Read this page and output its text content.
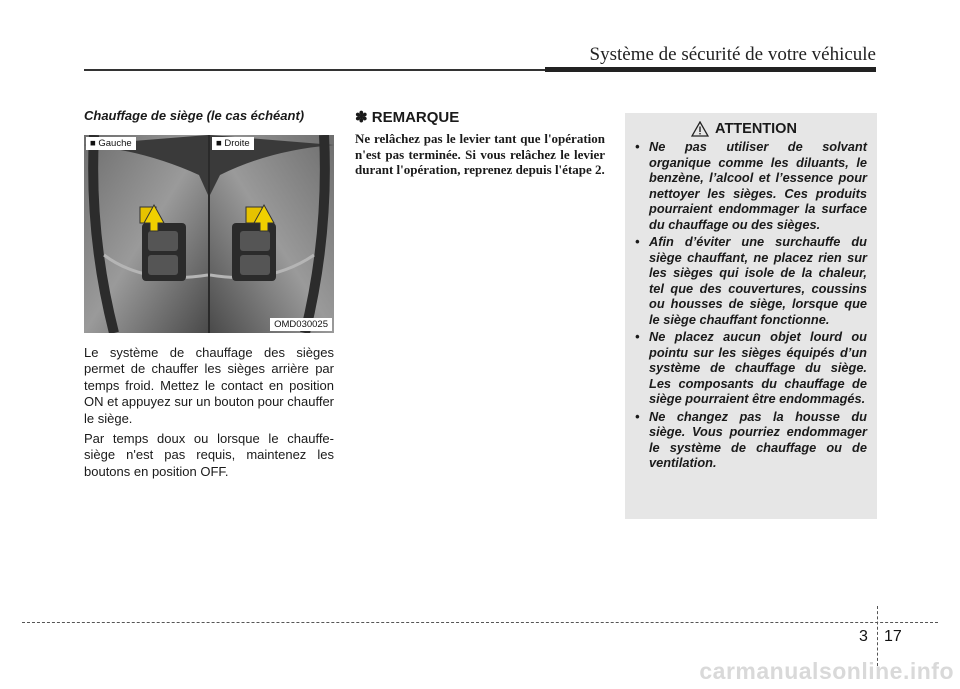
Système de sécurité de votre véhicule
Chauffage de siège (le cas échéant)
■ Gauche	■ Droite
OMD030025

Le système de chauffage des sièges permet de chauffer les sièges arrière par temps froid. Mettez le contact en position ON et appuyez sur un bouton pour chauffer le siège.

Par temps doux ou lorsque le chauffe-siège n'est pas requis, maintenez les boutons en position OFF.

✽ REMARQUE

Ne relâchez pas le levier tant que l'opération n'est pas terminée. Si vous relâchez le levier durant l'opération, reprenez depuis l'étape 2.

ATTENTION
• Ne pas utiliser de solvant organique comme les diluants, le benzène, l’alcool et l’essence pour nettoyer les sièges. Ces produits pourraient endommager la surface du chauffage ou des sièges.
• Afin d’éviter une surchauffe du siège chauffant, ne placez rien sur les sièges qui isole de la chaleur, tel que des couvertures, coussins ou housses de siège, lorsque que le siège chauffant fonctionne.
• Ne placez aucun objet lourd ou pointu sur les sièges équipés d’un système de chauffage du siège. Les composants du chauffage de siège pourraient être endommagés.
• Ne changez pas la housse du siège. Vous pourriez endommager le système de chauffage ou de ventilation.
3 17
carmanualsonline.info
